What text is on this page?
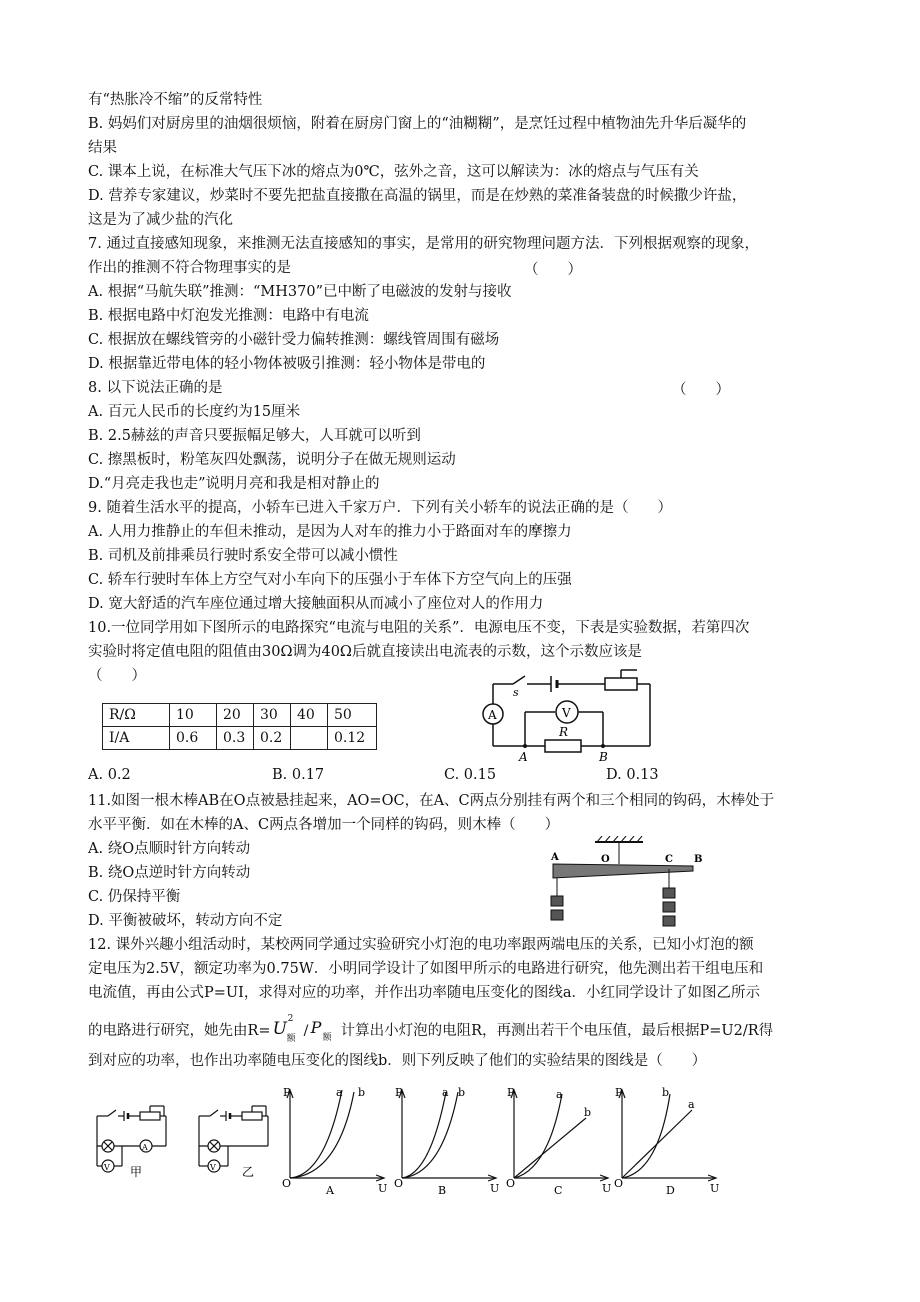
有“热胀冷不缩”的反常特性
B. 妈妈们对厨房里的油烟很烦恼，附着在厨房门窗上的“油糊糊”，是烹饪过程中植物油先升华后凝华的
结果
C. 课本上说，在标准大气压下冰的熔点为0℃，弦外之音，这可以解读为：冰的熔点与气压有关
D. 营养专家建议，炒菜时不要先把盐直接撒在高温的锅里，而是在炒熟的菜准备装盘的时候撒少许盐，
这是为了减少盐的汽化
7. 通过直接感知现象，来推测无法直接感知的事实，是常用的研究物理问题方法．下列根据观察的现象，
作出的推测不符合物理事实的是	（　　）
A. 根据“马航失联”推测：“MH370”已中断了电磁波的发射与接收
B. 根据电路中灯泡发光推测：电路中有电流
C. 根据放在螺线管旁的小磁针受力偏转推测：螺线管周围有磁场
D. 根据靠近带电体的轻小物体被吸引推测：轻小物体是带电的
8. 以下说法正确的是	（　　）
A. 百元人民币的长度约为15厘米
B. 2.5赫兹的声音只要振幅足够大，人耳就可以听到
C. 擦黑板时，粉笔灰四处飘荡，说明分子在做无规则运动
D.“月亮走我也走”说明月亮和我是相对静止的
9. 随着生活水平的提高，小轿车已进入千家万户．下列有关小轿车的说法正确的是（　　）
A. 人用力推静止的车但未推动，是因为人对车的推力小于路面对车的摩擦力
B. 司机及前排乘员行驶时系安全带可以减小惯性
C. 轿车行驶时车体上方空气对小车向下的压强小于车体下方空气向上的压强
D. 宽大舒适的汽车座位通过增大接触面积从而减小了座位对人的作用力
10.一位同学用如下图所示的电路探究“电流与电阻的关系”．电源电压不变，下表是实验数据，若第四次
实验时将定值电阻的阻值由30Ω调为40Ω后就直接读出电流表的示数，这个示数应该是
（　　）
R/Ω	10	20	30	40	50
I/A	0.6	0.3	0.2		0.12
s
A	V
R
A	B
A. 0.2	B. 0.17	C. 0.15	D. 0.13
11.如图一根木棒AB在O点被悬挂起来，AO=OC，在A、C两点分别挂有两个和三个相同的钩码，木棒处于
水平平衡．如在木棒的A、C两点各增加一个同样的钩码，则木棒（　　）
A. 绕O点顺时针方向转动
B. 绕O点逆时针方向转动
C. 仍保持平衡
D. 平衡被破坏，转动方向不定
A	O	C B
12. 课外兴趣小组活动时，某校两同学通过实验研究小灯泡的电功率跟两端电压的关系，已知小灯泡的额
定电压为2.5V，额定功率为0.75W．小明同学设计了如图甲所示的电路进行研究，他先测出若干组电压和
电流值，再由公式P=UI，求得对应的功率，并作出功率随电压变化的图线a．小红同学设计了如图乙所示
的电路进行研究，她先由R= U 2
额 / P
额 计算出小灯泡的电阻R，再测出若干个电压值，最后根据P=U2/R得
到对应的功率，也作出功率随电压变化的图线b．则下列反映了他们的实验结果的图线是（　　）
A
V 甲	V 乙
P
U
O
a b
A
P
U
O
a b
B
P
U
O
a
b
C
P
U
O
b
a
D
